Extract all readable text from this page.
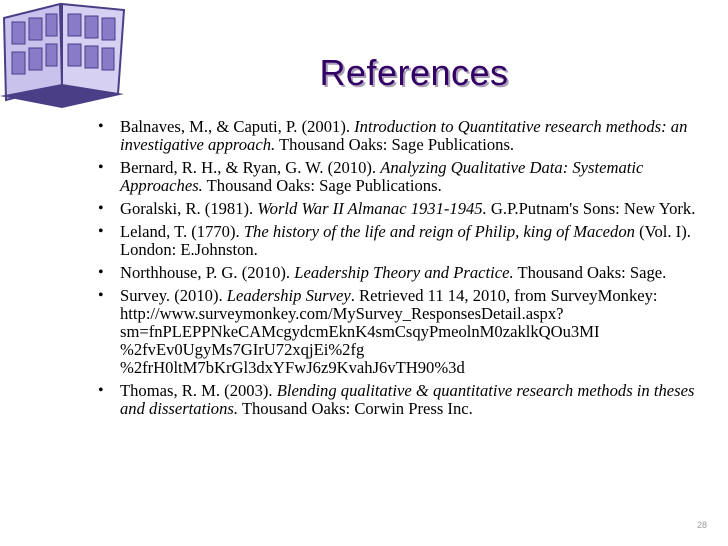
References
• Balnaves, M., & Caputi, P. (2001). Introduction to Quantitative research methods: an investigative approach. Thousand Oaks: Sage Publications.
• Bernard, R. H., & Ryan, G. W. (2010). Analyzing Qualitative Data: Systematic Approaches. Thousand Oaks: Sage Publications.
• Goralski, R. (1981). World War II Almanac 1931-1945. G.P.Putnam's Sons: New York.
• Leland, T. (1770). The history of the life and reign of Philip, king of Macedon (Vol. I). London: E.Johnston.
• Northhouse, P. G. (2010). Leadership Theory and Practice. Thousand Oaks: Sage.
• Survey. (2010). Leadership Survey. Retrieved 11 14, 2010, from SurveyMonkey:
http://www.surveymonkey.com/MySurvey_ResponsesDetail.aspx?
sm=fnPLEPPNkeCAMcgydcmEknK4smCsqyPmeolnM0zaklkQOu3MI
%2fvEv0UgyMs7GIrU72xqjEi%2fg
%2frH0ltM7bKrGl3dxYFwJ6z9KvahJ6vTH90%3d
• Thomas, R. M. (2003). Blending qualitative & quantitative research methods in theses and dissertations. Thousand Oaks: Corwin Press Inc.
28
